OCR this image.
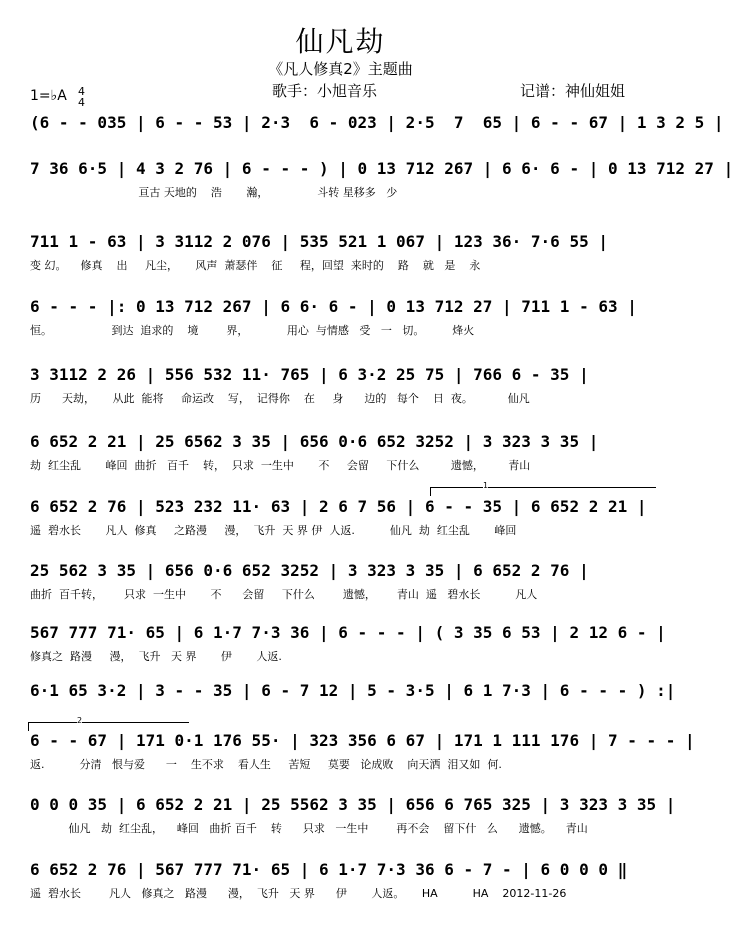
仙凡劫
《凡人修真2》主题曲
歌手：小旭音乐	记谱：神仙姐姐
1=♭A 4
4
1
2
(6 - - 035 | 6 - - 53 | 2·3  6 - 023 | 2·5  7  65 | 6 - - 67 | 1 3 2 5 |
7 36 6·5 | 4 3 2 76 | 6 - - - ) | 0 13 712 267 | 6 6· 6 - | 0 13 712 27 |
亘古 天地的    浩       瀚，              斗转 星移多   少
711 1 - 63 | 3 3112 2 076 | 535 521 1 067 | 123 36· 7·6 55 |
变 幻。    修真    出     凡尘，     风声  萧瑟伴    征     程，回望  来时的    路    就   是    永
6 - - - |: 0 13 712 267 | 6 6· 6 - | 0 13 712 27 | 711 1 - 63 |
恒。                 到达  追求的    境        界，           用心  与情感   受   一   切。        烽火
3 3112 2 26 | 556 532 11· 765 | 6 3·2 25 75 | 766 6 - 35 |
历      天劫，     从此  能将     命运改    写，  记得你    在     身      边的   每个    日  夜。          仙凡
6 652 2 21 | 25 6562 3 35 | 656 0·6 652 3252 | 3 323 3 35 |
劫  红尘乱       峰回  曲折   百千    转，  只求  一生中       不     会留     下什么         遗憾，       青山
6 652 2 76 | 523 232 11· 63 | 2 6 7 56 | 6 - - 35 | 6 652 2 21 |
遥  碧水长       凡人  修真     之路漫     漫，  飞升  天 界 伊  人返.          仙凡  劫  红尘乱       峰回
25 562 3 35 | 656 0·6 652 3252 | 3 323 3 35 | 6 652 2 76 |
曲折  百千转，      只求  一生中       不      会留     下什么        遗憾，      青山  遥   碧水长          凡人
567 777 71· 65 | 6 1·7 7·3 36 | 6 - - - | ( 3 35 6 53 | 2 12 6 - |
修真之  路漫     漫，  飞升   天 界       伊       人返.
6·1 65 3·2 | 3 - - 35 | 6 - 7 12 | 5 - 3·5 | 6 1 7·3 | 6 - - - ) :|
6 - - 67 | 171 0·1 176 55· | 323 356 6 67 | 171 1 111 176 | 7 - - - |
返.          分清   恨与爱      一    生不求    看人生     苦短     莫要   论成败    向天洒  泪又如  何.
0 0 0 35 | 6 652 2 21 | 25 5562 3 35 | 656 6 765 325 | 3 323 3 35 |
仙凡   劫  红尘乱，    峰回   曲折 百千    转      只求   一生中        再不会    留下什   么      遗憾。    青山
6 652 2 76 | 567 777 71· 65 | 6 1·7 7·3 36 6 - 7 - | 6 0 0 0 ‖
遥  碧水长        凡人   修真之   路漫      漫，  飞升   天 界      伊       人返。     HA          HA    2012-11-26
